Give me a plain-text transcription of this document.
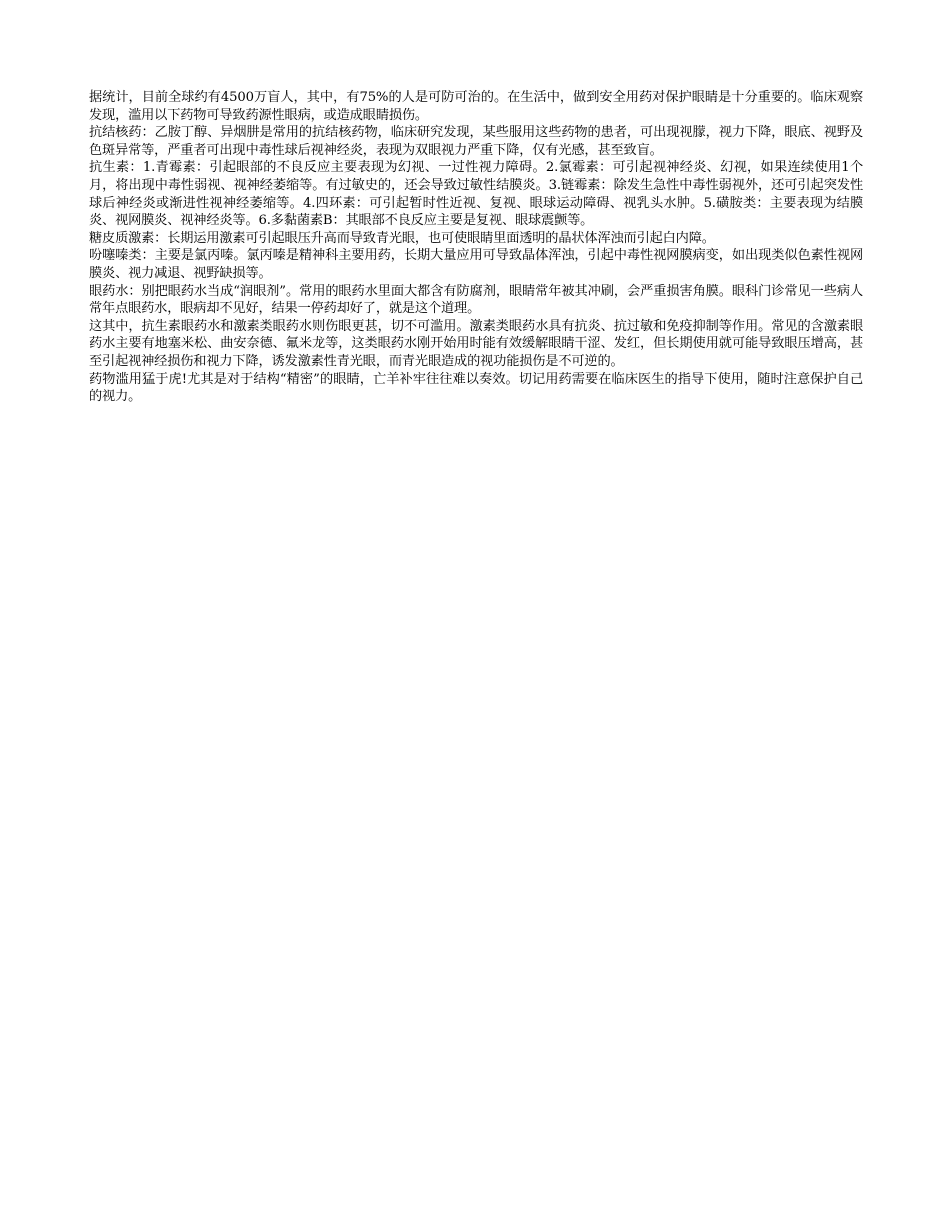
据统计，目前全球约有4500万盲人，其中，有75%的人是可防可治的。在生活中，做到安全用药对保护眼睛是十分重要的。临床观察发现，滥用以下药物可导致药源性眼病，或造成眼睛损伤。

抗结核药：乙胺丁醇、异烟肼是常用的抗结核药物，临床研究发现，某些服用这些药物的患者，可出现视朦，视力下降，眼底、视野及色斑异常等，严重者可出现中毒性球后视神经炎，表现为双眼视力严重下降，仅有光感，甚至致盲。

抗生素：1.青霉素：引起眼部的不良反应主要表现为幻视、一过性视力障碍。2.氯霉素：可引起视神经炎、幻视，如果连续使用1个月，将出现中毒性弱视、视神经萎缩等。有过敏史的，还会导致过敏性结膜炎。3.链霉素：除发生急性中毒性弱视外，还可引起突发性球后神经炎或渐进性视神经萎缩等。4.四环素：可引起暂时性近视、复视、眼球运动障碍、视乳头水肿。5.磺胺类：主要表现为结膜炎、视网膜炎、视神经炎等。6.多黏菌素B：其眼部不良反应主要是复视、眼球震颤等。

糖皮质激素：长期运用激素可引起眼压升高而导致青光眼，也可使眼睛里面透明的晶状体浑浊而引起白内障。

吩噻嗪类：主要是氯丙嗪。氯丙嗪是精神科主要用药，长期大量应用可导致晶体浑浊，引起中毒性视网膜病变，如出现类似色素性视网膜炎、视力减退、视野缺损等。

眼药水：别把眼药水当成“润眼剂”。常用的眼药水里面大都含有防腐剂，眼睛常年被其冲刷，会严重损害角膜。眼科门诊常见一些病人常年点眼药水，眼病却不见好，结果一停药却好了，就是这个道理。

这其中，抗生素眼药水和激素类眼药水则伤眼更甚，切不可滥用。激素类眼药水具有抗炎、抗过敏和免疫抑制等作用。常见的含激素眼药水主要有地塞米松、曲安奈德、氟米龙等，这类眼药水刚开始用时能有效缓解眼睛干涩、发红，但长期使用就可能导致眼压增高，甚至引起视神经损伤和视力下降，诱发激素性青光眼，而青光眼造成的视功能损伤是不可逆的。

药物滥用猛于虎!尤其是对于结构“精密”的眼睛，亡羊补牢往往难以奏效。切记用药需要在临床医生的指导下使用，随时注意保护自己的视力。
